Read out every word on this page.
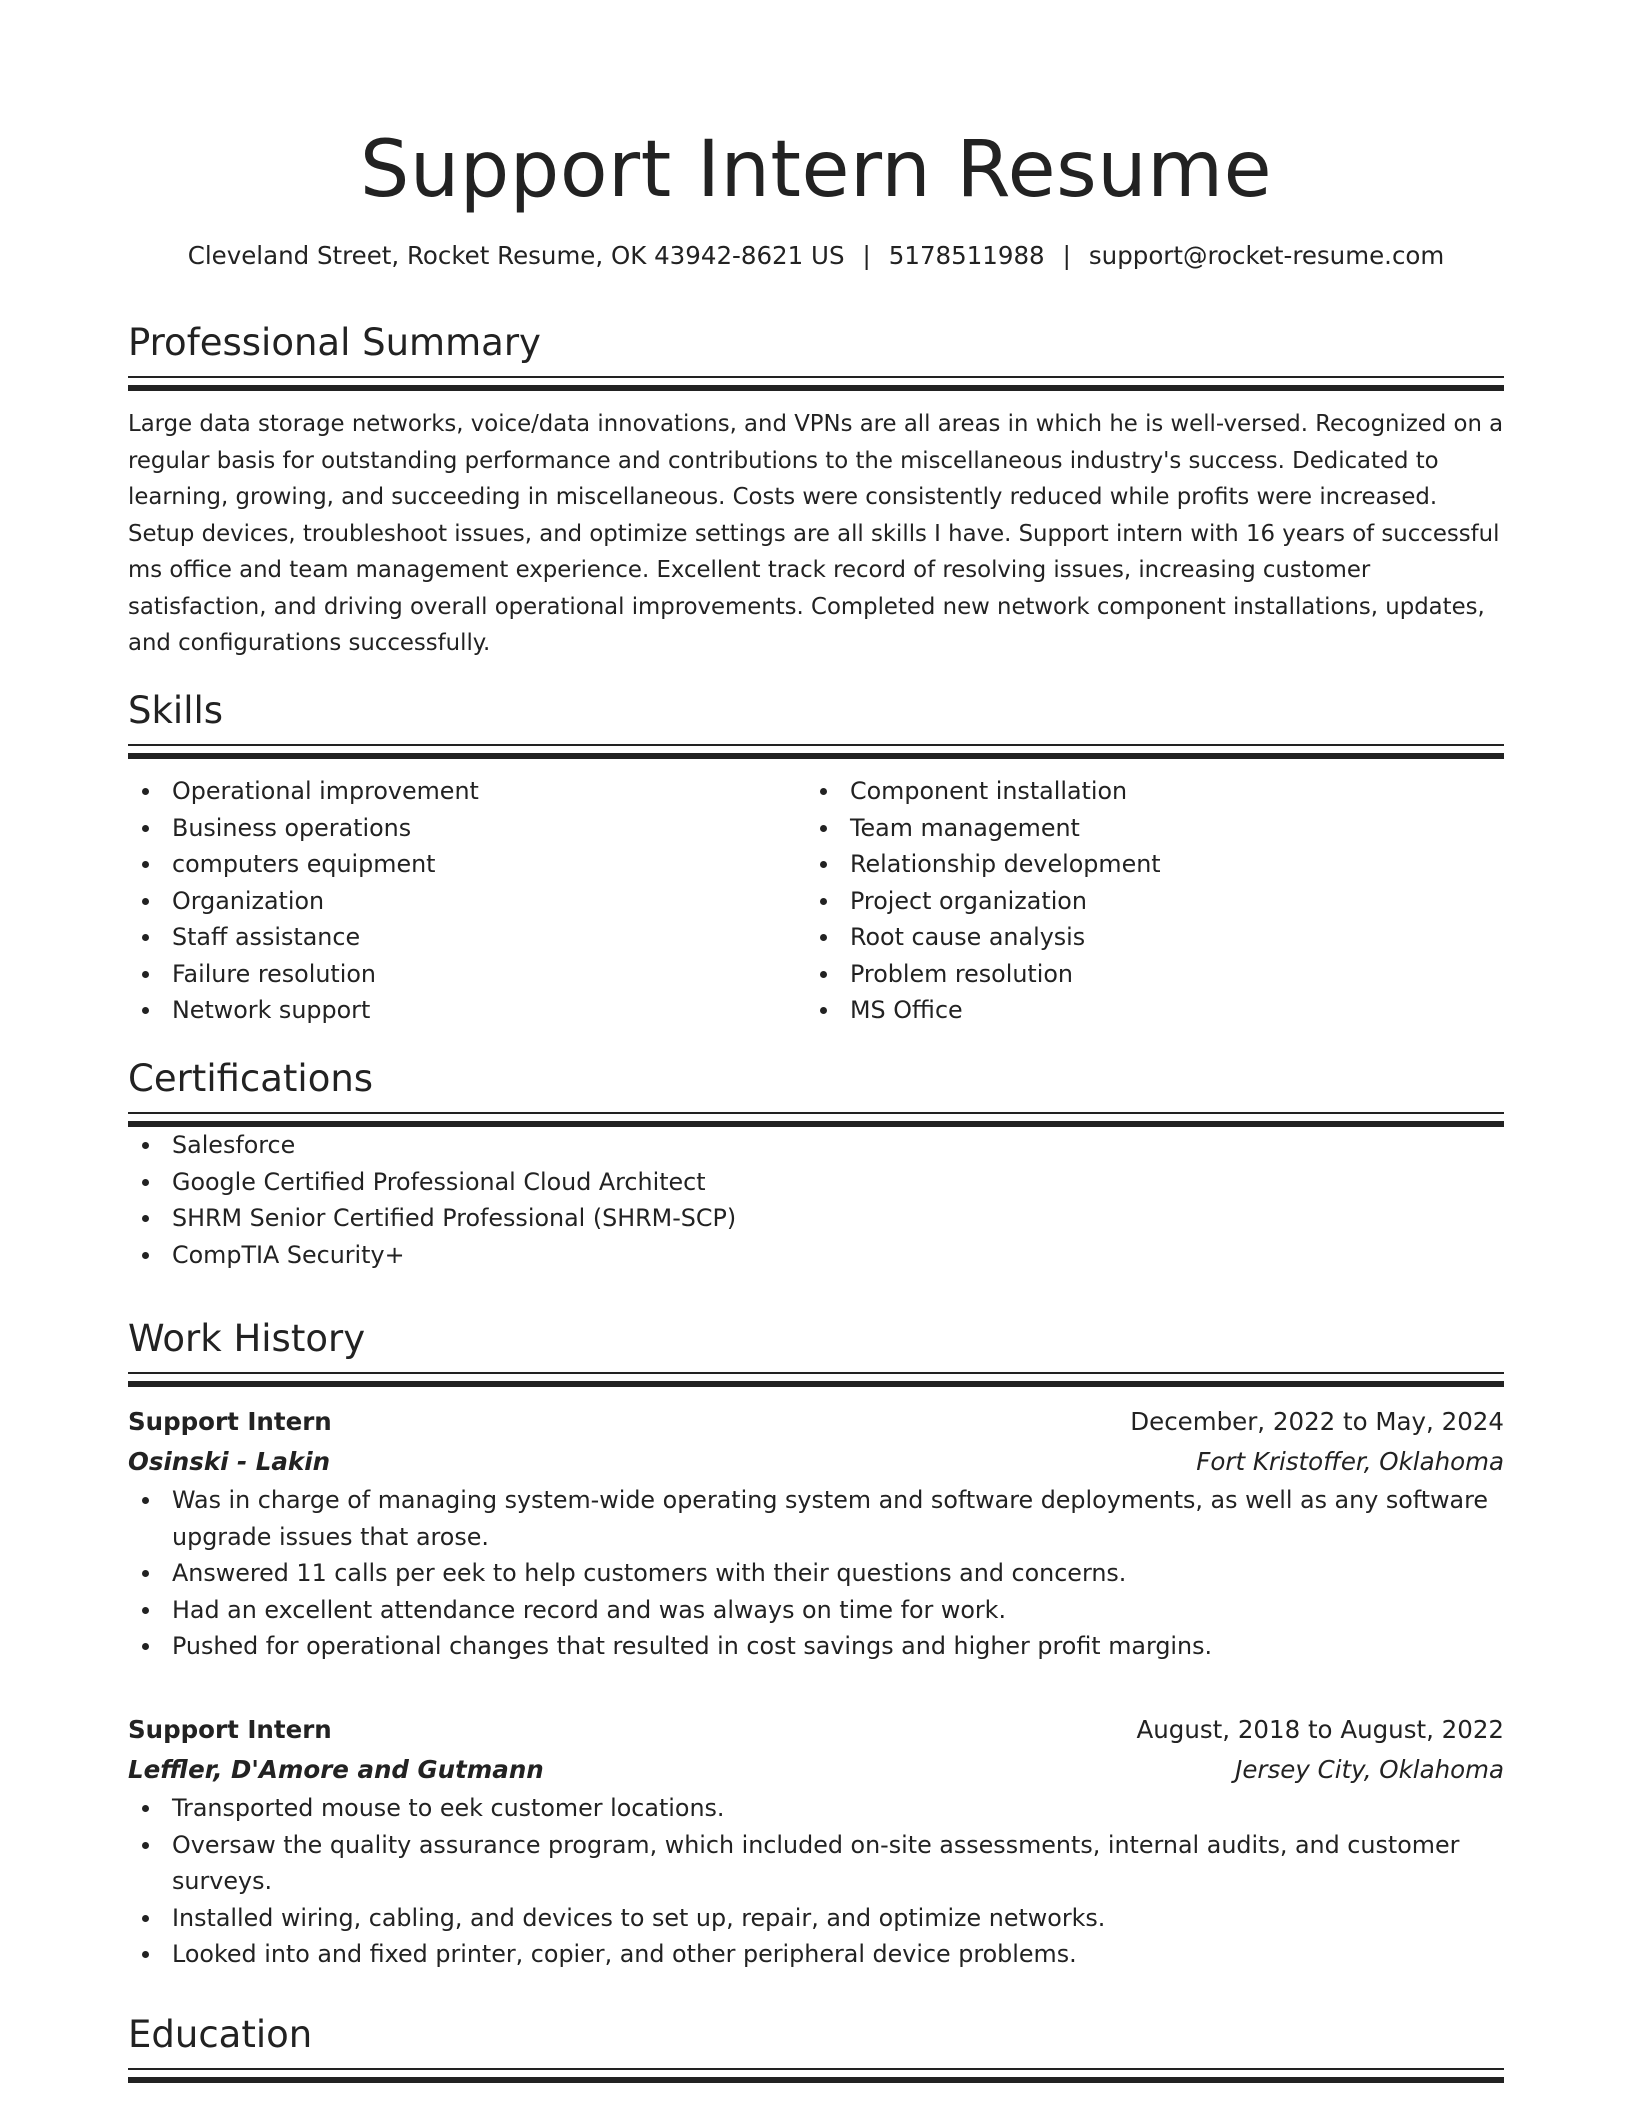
Support Intern Resume
Cleveland Street, Rocket Resume, OK 43942-8621 US | 5178511988 | support@rocket-resume.com
Professional Summary
Large data storage networks, voice/data innovations, and VPNs are all areas in which he is well-versed. Recognized on a regular basis for outstanding performance and contributions to the miscellaneous industry's success. Dedicated to learning, growing, and succeeding in miscellaneous. Costs were consistently reduced while profits were increased. Setup devices, troubleshoot issues, and optimize settings are all skills I have. Support intern with 16 years of successful ms office and team management experience. Excellent track record of resolving issues, increasing customer satisfaction, and driving overall operational improvements. Completed new network component installations, updates, and configurations successfully.
Skills
Operational improvement
Business operations
computers equipment
Organization
Staff assistance
Failure resolution
Network support
Component installation
Team management
Relationship development
Project organization
Root cause analysis
Problem resolution
MS Office
Certifications
Salesforce
Google Certified Professional Cloud Architect
SHRM Senior Certified Professional (SHRM-SCP)
CompTIA Security+
Work History
Support Intern	December, 2022 to May, 2024
Osinski - Lakin	Fort Kristoffer, Oklahoma
Was in charge of managing system-wide operating system and software deployments, as well as any software upgrade issues that arose.
Answered 11 calls per eek to help customers with their questions and concerns.
Had an excellent attendance record and was always on time for work.
Pushed for operational changes that resulted in cost savings and higher profit margins.
Support Intern	August, 2018 to August, 2022
Leffler, D'Amore and Gutmann	Jersey City, Oklahoma
Transported mouse to eek customer locations.
Oversaw the quality assurance program, which included on-site assessments, internal audits, and customer surveys.
Installed wiring, cabling, and devices to set up, repair, and optimize networks.
Looked into and fixed printer, copier, and other peripheral device problems.
Education
